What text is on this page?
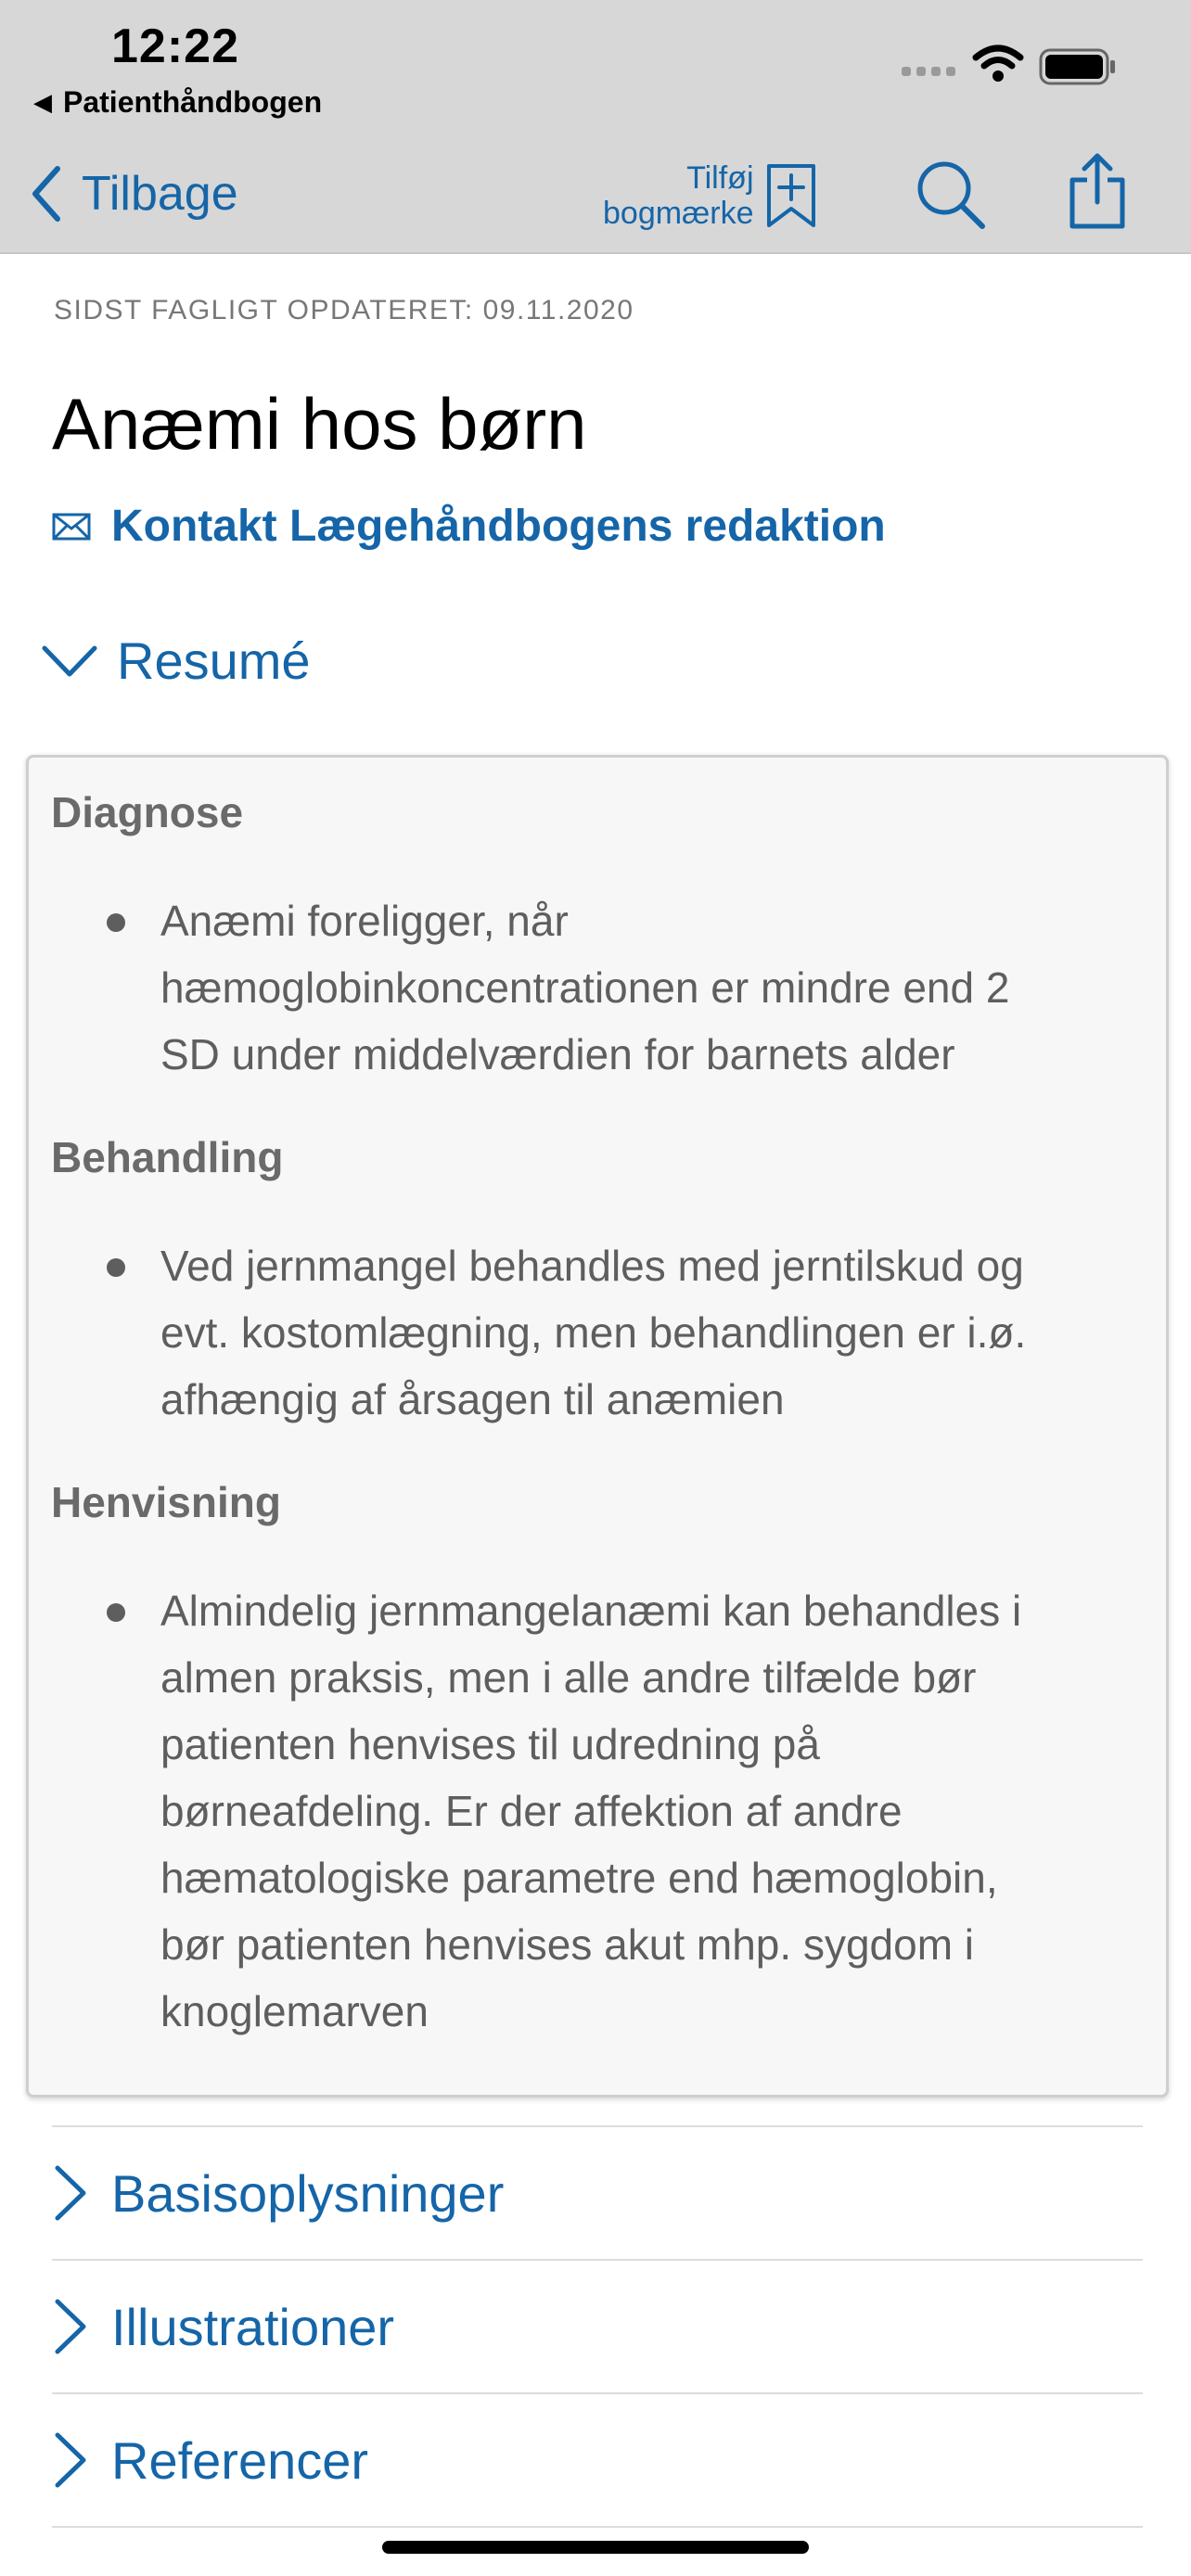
12:22
◀ Patienthåndbogen
Tilbage	Tilføj
bogmærke
SIDST FAGLIGT OPDATERET: 09.11.2020
Anæmi hos børn
Kontakt Lægehåndbogens redaktion
Resumé
Diagnose
Anæmi foreligger, når
hæmoglobinkoncentrationen er mindre end 2
SD under middelværdien for barnets alder
Behandling
Ved jernmangel behandles med jerntilskud og
evt. kostomlægning, men behandlingen er i.ø.
afhængig af årsagen til anæmien
Henvisning
Almindelig jernmangelanæmi kan behandles i
almen praksis, men i alle andre tilfælde bør
patienten henvises til udredning på
børneafdeling. Er der affektion af andre
hæmatologiske parametre end hæmoglobin,
bør patienten henvises akut mhp. sygdom i
knoglemarven
Basisoplysninger
Illustrationer
Referencer
